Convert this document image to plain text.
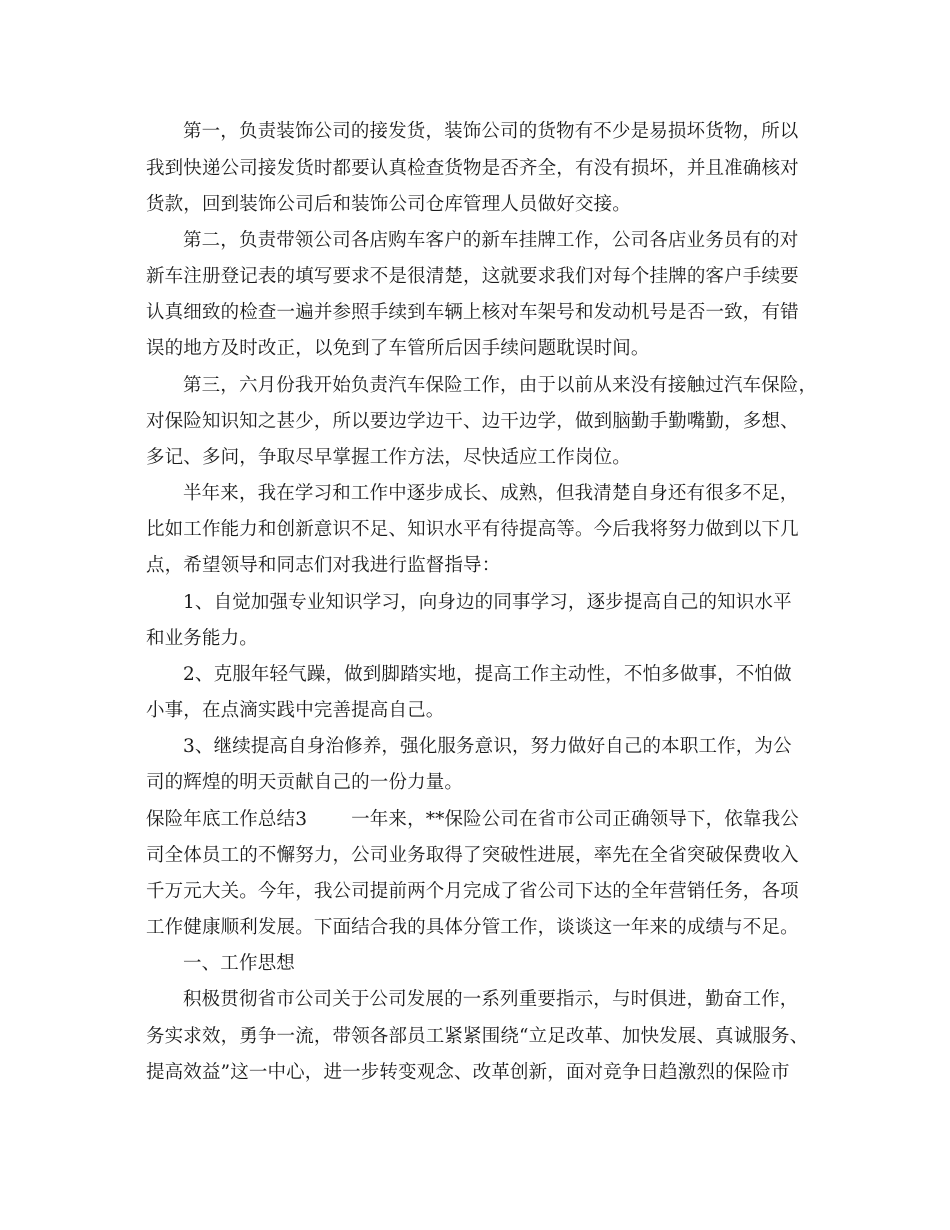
第一，负责装饰公司的接发货，装饰公司的货物有不少是易损坏货物，所以
我到快递公司接发货时都要认真检查货物是否齐全，有没有损坏，并且准确核对
货款，回到装饰公司后和装饰公司仓库管理人员做好交接。
第二，负责带领公司各店购车客户的新车挂牌工作，公司各店业务员有的对
新车注册登记表的填写要求不是很清楚，这就要求我们对每个挂牌的客户手续要
认真细致的检查一遍并参照手续到车辆上核对车架号和发动机号是否一致，有错
误的地方及时改正，以免到了车管所后因手续问题耽误时间。
第三，六月份我开始负责汽车保险工作，由于以前从来没有接触过汽车保险，
对保险知识知之甚少，所以要边学边干、边干边学，做到脑勤手勤嘴勤，多想、
多记、多问，争取尽早掌握工作方法，尽快适应工作岗位。
半年来，我在学习和工作中逐步成长、成熟，但我清楚自身还有很多不足，
比如工作能力和创新意识不足、知识水平有待提高等。今后我将努力做到以下几
点，希望领导和同志们对我进行监督指导：
1、自觉加强专业知识学习，向身边的同事学习，逐步提高自己的知识水平
和业务能力。
2、克服年轻气躁，做到脚踏实地，提高工作主动性，不怕多做事，不怕做
小事，在点滴实践中完善提高自己。
3、继续提高自身治修养，强化服务意识，努力做好自己的本职工作，为公
司的辉煌的明天贡献自己的一份力量。
保险年底工作总结3 一年来，**保险公司在省市公司正确领导下，依靠我公
司全体员工的不懈努力，公司业务取得了突破性进展，率先在全省突破保费收入
千万元大关。今年，我公司提前两个月完成了省公司下达的全年营销任务，各项
工作健康顺利发展。下面结合我的具体分管工作，谈谈这一年来的成绩与不足。
一、工作思想
积极贯彻省市公司关于公司发展的一系列重要指示，与时俱进，勤奋工作，
务实求效，勇争一流，带领各部员工紧紧围绕“立足改革、加快发展、真诚服务、
提高效益”这一中心，进一步转变观念、改革创新，面对竞争日趋激烈的保险市
